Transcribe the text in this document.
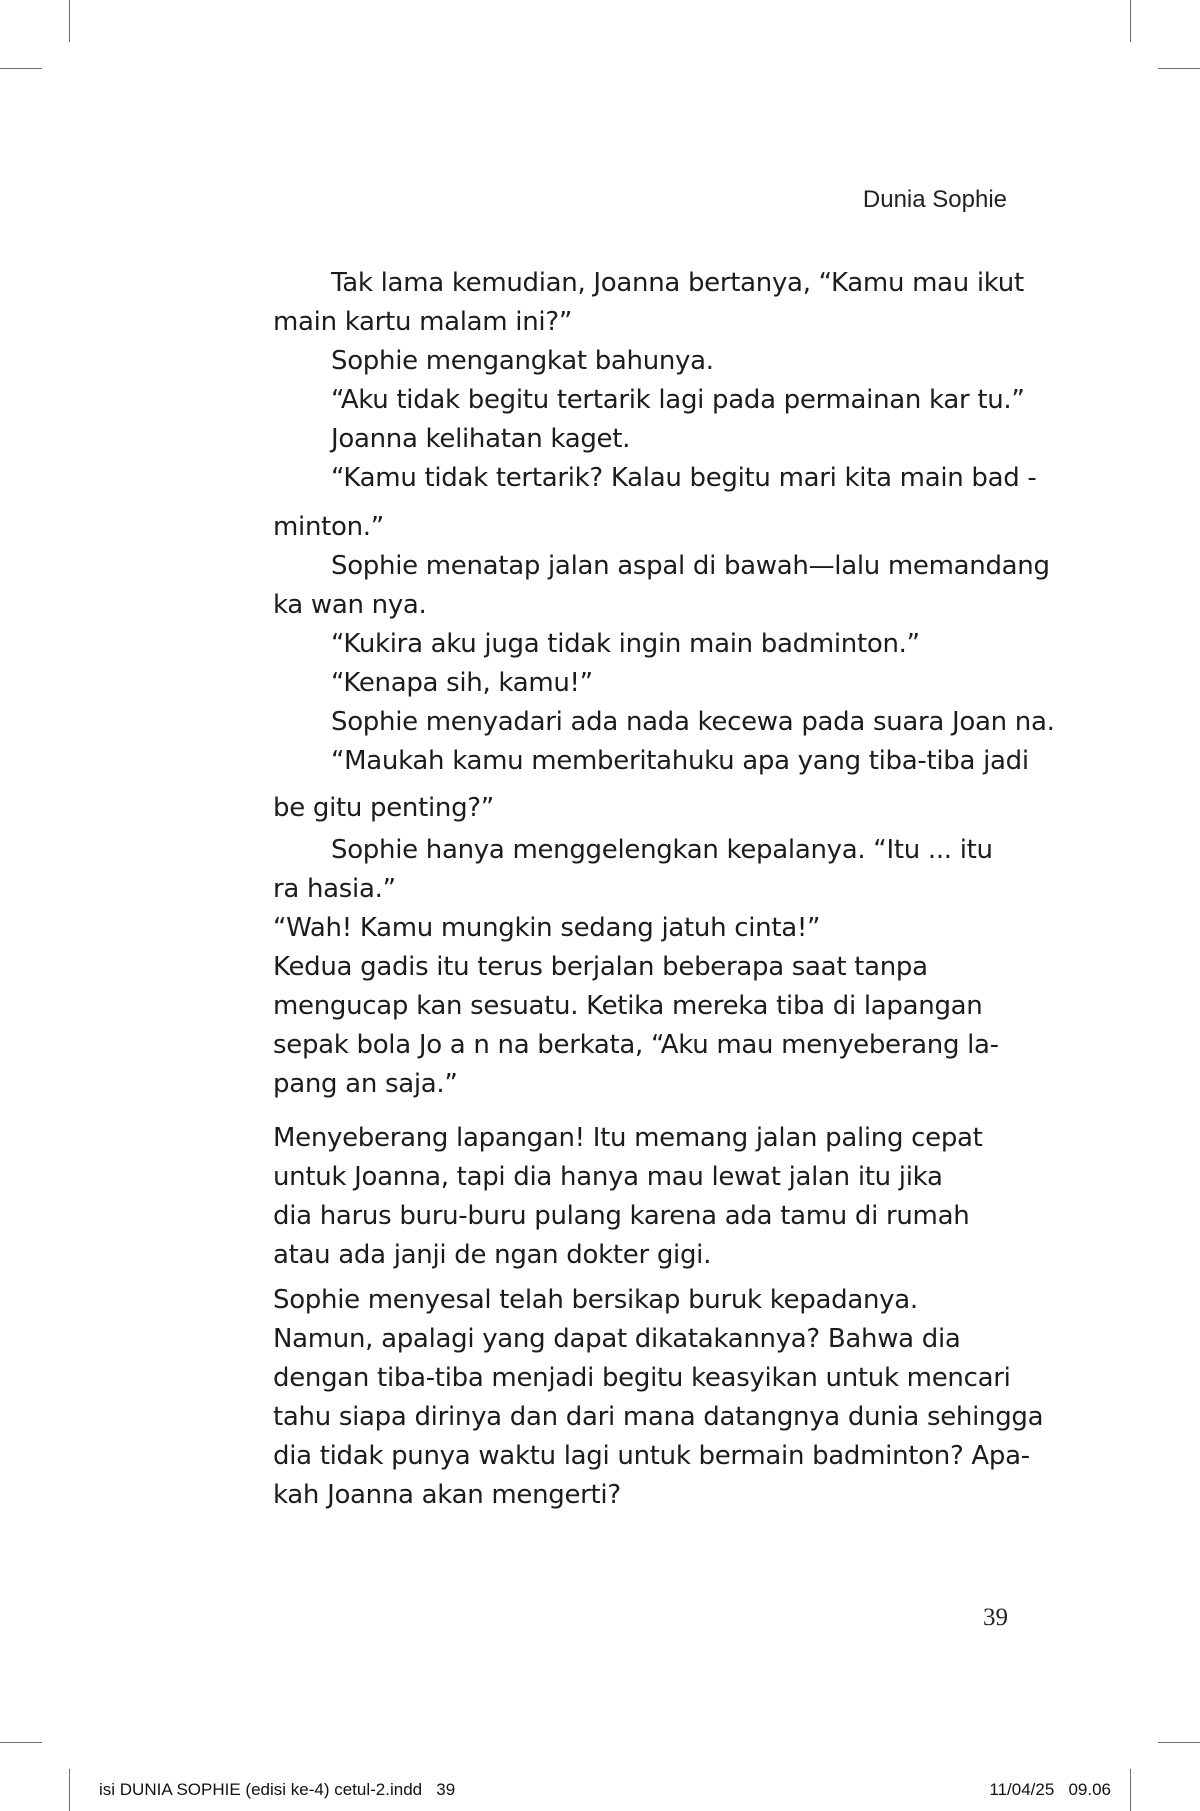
Dunia Sophie
Tak lama kemudian, Joanna bertanya, “Kamu mau ikut
main kartu malam ini?”
Sophie mengangkat bahunya.
“Aku tidak begitu tertarik lagi pada permainan kar tu.”
Joanna kelihatan kaget.
“Kamu tidak tertarik? Kalau begitu mari kita main bad -
minton.”
Sophie menatap jalan aspal di bawah—lalu memandang
ka wan nya.
“Kukira aku juga tidak ingin main badminton.”
“Kenapa sih, kamu!”
Sophie menyadari ada nada kecewa pada suara Joan na.
“Maukah kamu memberitahuku apa yang tiba-tiba jadi
be gitu penting?”
Sophie hanya menggelengkan kepalanya. “Itu ... itu
ra hasia.”
“Wah! Kamu mungkin sedang jatuh cinta!”
Kedua gadis itu terus berjalan beberapa saat tanpa
mengucap kan sesuatu. Ketika mereka tiba di lapangan
sepak bola Jo a n na berkata, “Aku mau menyeberang la-
pang an saja.”
Menyeberang lapangan! Itu memang jalan paling cepat
untuk Joanna, tapi dia hanya mau lewat jalan itu jika
dia harus buru-buru pulang karena ada tamu di rumah
atau ada janji de ngan dokter gigi.
Sophie menyesal telah bersikap buruk kepadanya.
Namun, apalagi yang dapat dikatakannya? Bahwa dia
dengan tiba-tiba menjadi begitu keasyikan untuk mencari
tahu siapa dirinya dan dari mana datangnya dunia sehingga
dia tidak punya waktu lagi untuk bermain badminton? Apa-
kah Joanna akan mengerti?
39
isi DUNIA SOPHIE (edisi ke-4) cetul-2.indd   39	11/04/25   09.06
